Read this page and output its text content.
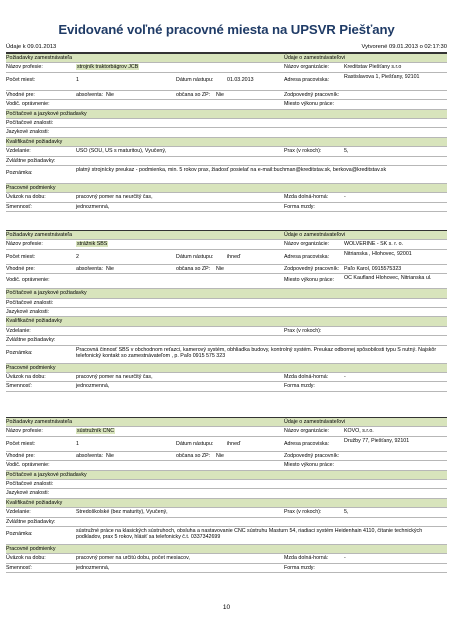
Evidované voľné pracovné miesta na UPSVR Piešťany
Údaje k 09.01.2013	Vytvorené 09.01.2013 o 02:17:30
Požiadavky zamestnávateľa	Údaje o zamestnávateľovi
Názov profesie:	strojník traktorbágrov JCB	Názov organizácie:	Kreditstav Piešťany s.r.o
Počet miest:	1	Dátum nástupu:	01.03.2013	Adresa pracoviska:	Rastislavova 1, Piešťany, 92101
Vhodné pre:	absolventa: Nie	občana so ZP: Nie	Zodpovedný pracovník:
Vodič. oprávnenie:	Miesto výkonu práce:
Počítačové a jazykové požiadavky
Počítačové znalosti:
Jazykové znalosti:
Kvalifikačné požiadavky
Vzdelanie:	USO (SOU, US s maturitou), Vyučený,	Prax (v rokoch):	5,
Zvláštne požiadavky:
Poznámka:	platný strojnícky preukaz - podmienka, min. 5 rokov prax, žiadosť posielať na e-mail:buchman@kreditstav.sk, berkova@kreditstav.sk
Pracovné podmienky
Úväzok na dobu:	pracovný pomer na neurčitý čas,	Mzda dolná-horná:	-
Smennosť:	jednozmenná,	Forma mzdy:
Požiadavky zamestnávateľa	Údaje o zamestnávateľovi
Názov profesie:	strážnik SBS	Názov organizácie:	WOLVERINE - SK s. r. o.
Počet miest:	2	Dátum nástupu:	ihneď	Adresa pracoviska:	Nitrianska , Hlohovec, 92001
Vhodné pre:	absolventa: Nie	občana so ZP: Nie	Zodpovedný pracovník: Paľo Karol, 0915575323
Vodič. oprávnenie:	Miesto výkonu práce: OC Kaufland Hlohovec, Nitrianska ul.
Počítačové a jazykové požiadavky
Počítačové znalosti:
Jazykové znalosti:
Kvalifikačné požiadavky
Vzdelanie:	Prax (v rokoch):
Zvláštne požiadavky:
Poznámka:	Pracovná činnosť SBS v obchodnom reťazci, kamerový systém, obhliadka budovy, kontrolný systém. Preukaz odbornej spôsobilosti typu S nutný. Najskôr telefonický kontakt so zamestnávateľom , p. Paľo 0915 575 323
Pracovné podmienky
Úväzok na dobu:	pracovný pomer na neurčitý čas,	Mzda dolná-horná:	-
Smennosť:	jednozmenná,	Forma mzdy:
Požiadavky zamestnávateľa	Údaje o zamestnávateľovi
Názov profesie:	sústružník CNC	Názov organizácie:	KOVO, s.r.o.
Počet miest:	1	Dátum nástupu:	ihneď	Adresa pracoviska:	Družby 77, Piešťany, 92101
Vhodné pre:	absolventa: Nie	občana so ZP: Nie	Zodpovedný pracovník:
Vodič. oprávnenie:	Miesto výkonu práce:
Počítačové a jazykové požiadavky
Počítačové znalosti:
Jazykové znalosti:
Kvalifikačné požiadavky
Vzdelanie:	Stredoškolské (bez maturity), Vyučený,	Prax (v rokoch):	5,
Zvláštne požiadavky:
Poznámka:	sústružné práce na klasických sústruhoch, obsluha a nastavovanie CNC sústruhu Masturn 54, riadiaci systém Heidenhain 4110, čítanie technických podkladov, prax 5 rokov, hlásiť sa telefonicky č.t. 0337342699
Pracovné podmienky
Úväzok na dobu:	pracovný pomer na určitú dobu, počet mesiacov,	Mzda dolná-horná:	-
Smennosť:	jednozmenná,	Forma mzdy:
10
